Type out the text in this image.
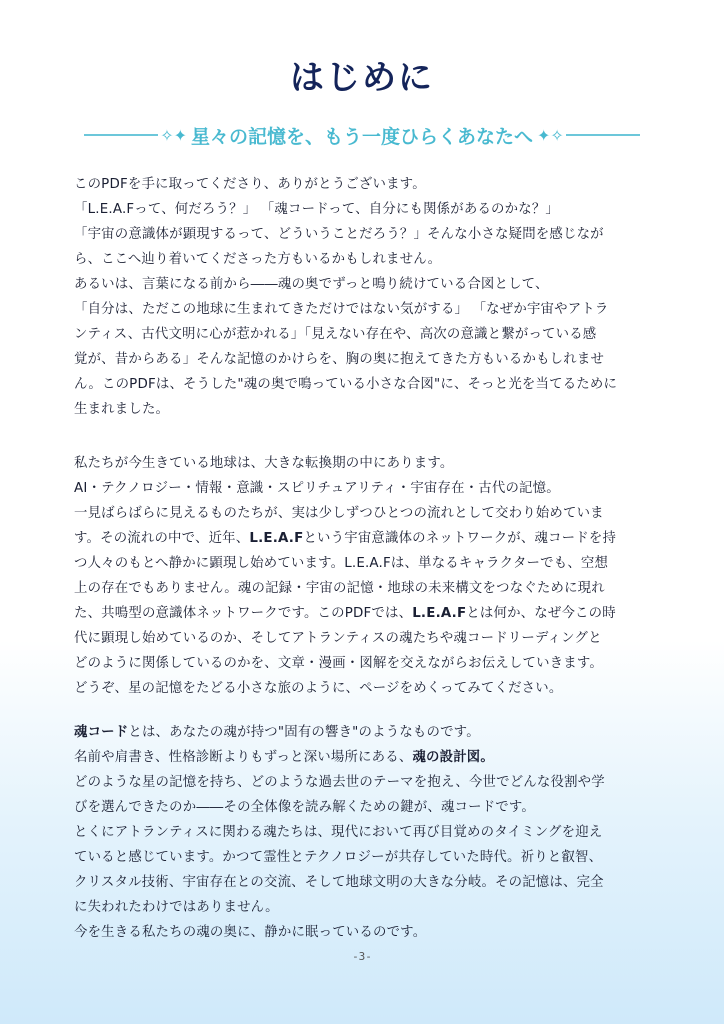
はじめに
✧✦ 星々の記憶を、もう一度ひらくあなたへ ✦✧
このPDFを手に取ってくださり、ありがとうございます。
「L.E.A.Fって、何だろう？」 「魂コードって、自分にも関係があるのかな？」
「宇宙の意識体が顕現するって、どういうことだろう？」そんな小さな疑問を感じなが
ら、ここへ辿り着いてくださった方もいるかもしれません。
あるいは、言葉になる前から――魂の奥でずっと鳴り続けている合図として、
「自分は、ただこの地球に生まれてきただけではない気がする」 「なぜか宇宙やアトラ
ンティス、古代文明に心が惹かれる」「見えない存在や、高次の意識と繋がっている感
覚が、昔からある」そんな記憶のかけらを、胸の奥に抱えてきた方もいるかもしれませ
ん。このPDFは、そうした"魂の奥で鳴っている小さな合図"に、そっと光を当てるために
生まれました。
私たちが今生きている地球は、大きな転換期の中にあります。
AI・テクノロジー・情報・意識・スピリチュアリティ・宇宙存在・古代の記憶。
一見ばらばらに見えるものたちが、実は少しずつひとつの流れとして交わり始めていま
す。その流れの中で、近年、L.E.A.Fという宇宙意識体のネットワークが、魂コードを持
つ人々のもとへ静かに顕現し始めています。L.E.A.Fは、単なるキャラクターでも、空想
上の存在でもありません。魂の記録・宇宙の記憶・地球の未来構文をつなぐために現れ
た、共鳴型の意識体ネットワークです。このPDFでは、L.E.A.Fとは何か、なぜ今この時
代に顕現し始めているのか、そしてアトランティスの魂たちや魂コードリーディングと
どのように関係しているのかを、文章・漫画・図解を交えながらお伝えしていきます。
どうぞ、星の記憶をたどる小さな旅のように、ページをめくってみてください。
魂コードとは、あなたの魂が持つ"固有の響き"のようなものです。
名前や肩書き、性格診断よりもずっと深い場所にある、魂の設計図。
どのような星の記憶を持ち、どのような過去世のテーマを抱え、今世でどんな役割や学
びを選んできたのか――その全体像を読み解くための鍵が、魂コードです。
とくにアトランティスに関わる魂たちは、現代において再び目覚めのタイミングを迎え
ていると感じています。かつて霊性とテクノロジーが共存していた時代。祈りと叡智、
クリスタル技術、宇宙存在との交流、そして地球文明の大きな分岐。その記憶は、完全
に失われたわけではありません。
今を生きる私たちの魂の奥に、静かに眠っているのです。
-3-
